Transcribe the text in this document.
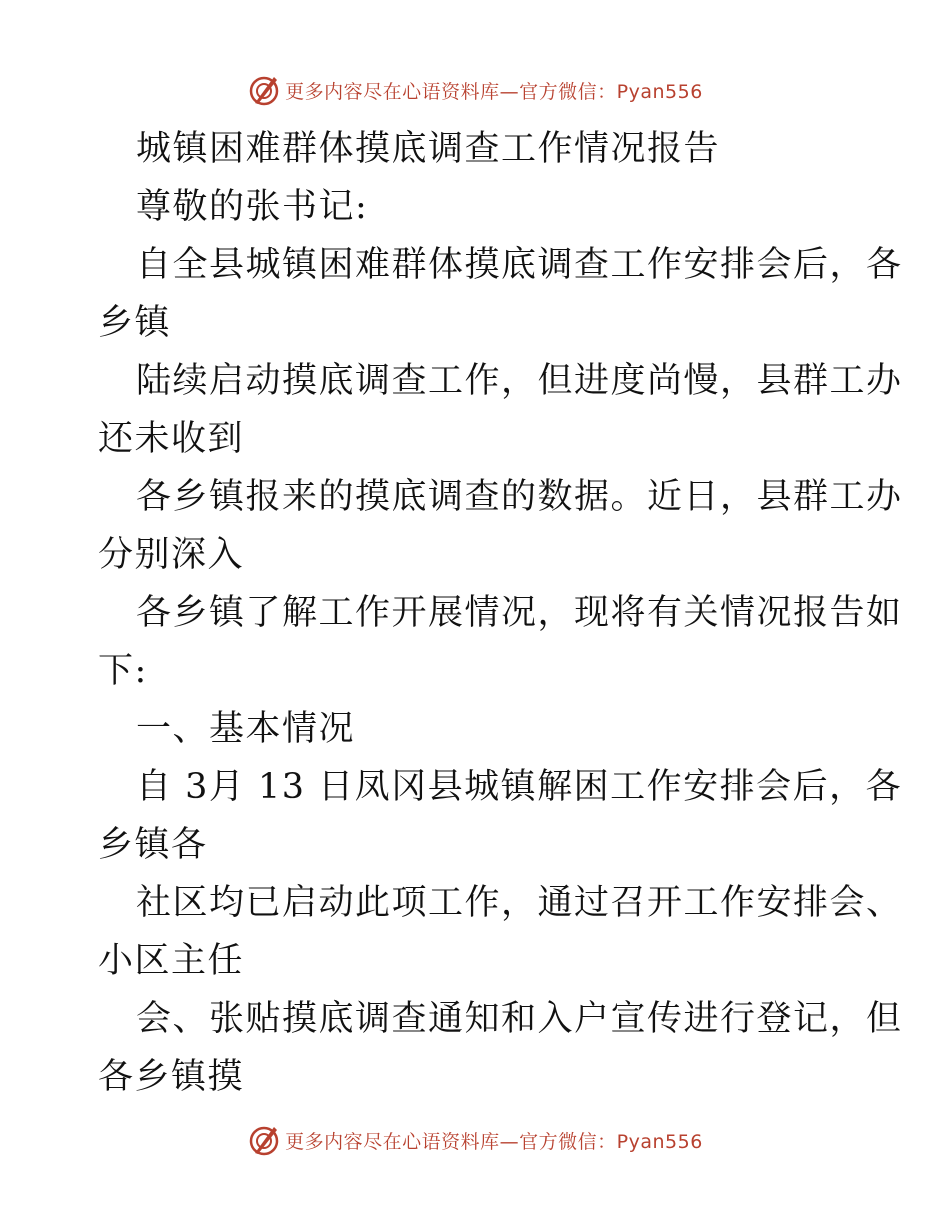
更多内容尽在心语资料库—官方微信：Pyan556
城镇困难群体摸底调查工作情况报告
尊敬的张书记:
自全县城镇困难群体摸底调查工作安排会后，各
乡镇
陆续启动摸底调查工作，但进度尚慢，县群工办
还未收到
各乡镇报来的摸底调查的数据。近日，县群工办
分别深入
各乡镇了解工作开展情况，现将有关情况报告如
下:
一、基本情况
自 3月 13 日凤冈县城镇解困工作安排会后，各
乡镇各
社区均已启动此项工作，通过召开工作安排会、
小区主任
会、张贴摸底调查通知和入户宣传进行登记，但
各乡镇摸
更多内容尽在心语资料库—官方微信：Pyan556
